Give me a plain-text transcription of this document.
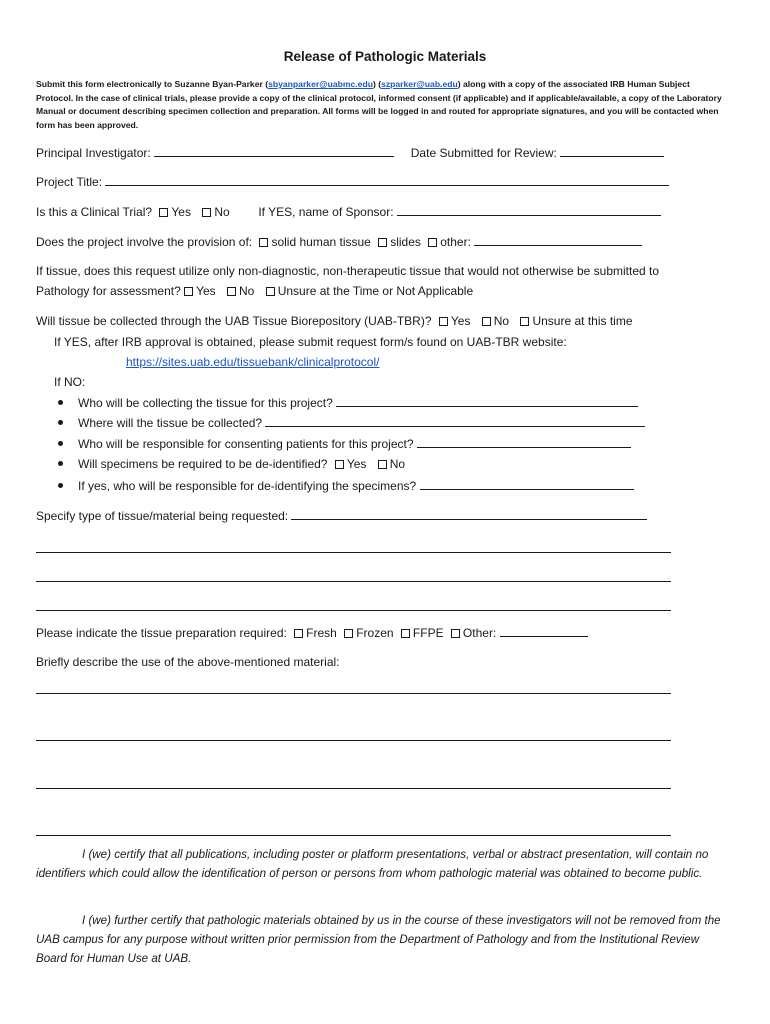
Release of Pathologic Materials
Submit this form electronically to Suzanne Byan-Parker (sbyanparker@uabmc.edu) (szparker@uab.edu) along with a copy of the associated IRB Human Subject Protocol. In the case of clinical trials, please provide a copy of the clinical protocol, informed consent (if applicable) and if applicable/available, a copy of the Laboratory Manual or document describing specimen collection and preparation. All forms will be logged in and routed for appropriate signatures, and you will be contacted when form has been approved.
Principal Investigator:	Date Submitted for Review:
Project Title:
Is this a Clinical Trial? Yes No If YES, name of Sponsor:
Does the project involve the provision of: solid human tissue slides other:
If tissue, does this request utilize only non-diagnostic, non-therapeutic tissue that would not otherwise be submitted to
Pathology for assessment? Yes No Unsure at the Time or Not Applicable
Will tissue be collected through the UAB Tissue Biorepository (UAB-TBR)? Yes No Unsure at this time
If YES, after IRB approval is obtained, please submit request form/s found on UAB-TBR website:
https://sites.uab.edu/tissuebank/clinicalprotocol/
If NO:
Who will be collecting the tissue for this project?
Where will the tissue be collected?
Who will be responsible for consenting patients for this project?
Will specimens be required to be de-identified? Yes No
If yes, who will be responsible for de-identifying the specimens?
Specify type of tissue/material being requested:
Please indicate the tissue preparation required: Fresh Frozen FFPE Other:
Briefly describe the use of the above-mentioned material:
I (we) certify that all publications, including poster or platform presentations, verbal or abstract presentation, will contain no identifiers which could allow the identification of person or persons from whom pathologic material was obtained to become public.
I (we) further certify that pathologic materials obtained by us in the course of these investigators will not be removed from the UAB campus for any purpose without written prior permission from the Department of Pathology and from the Institutional Review Board for Human Use at UAB.
